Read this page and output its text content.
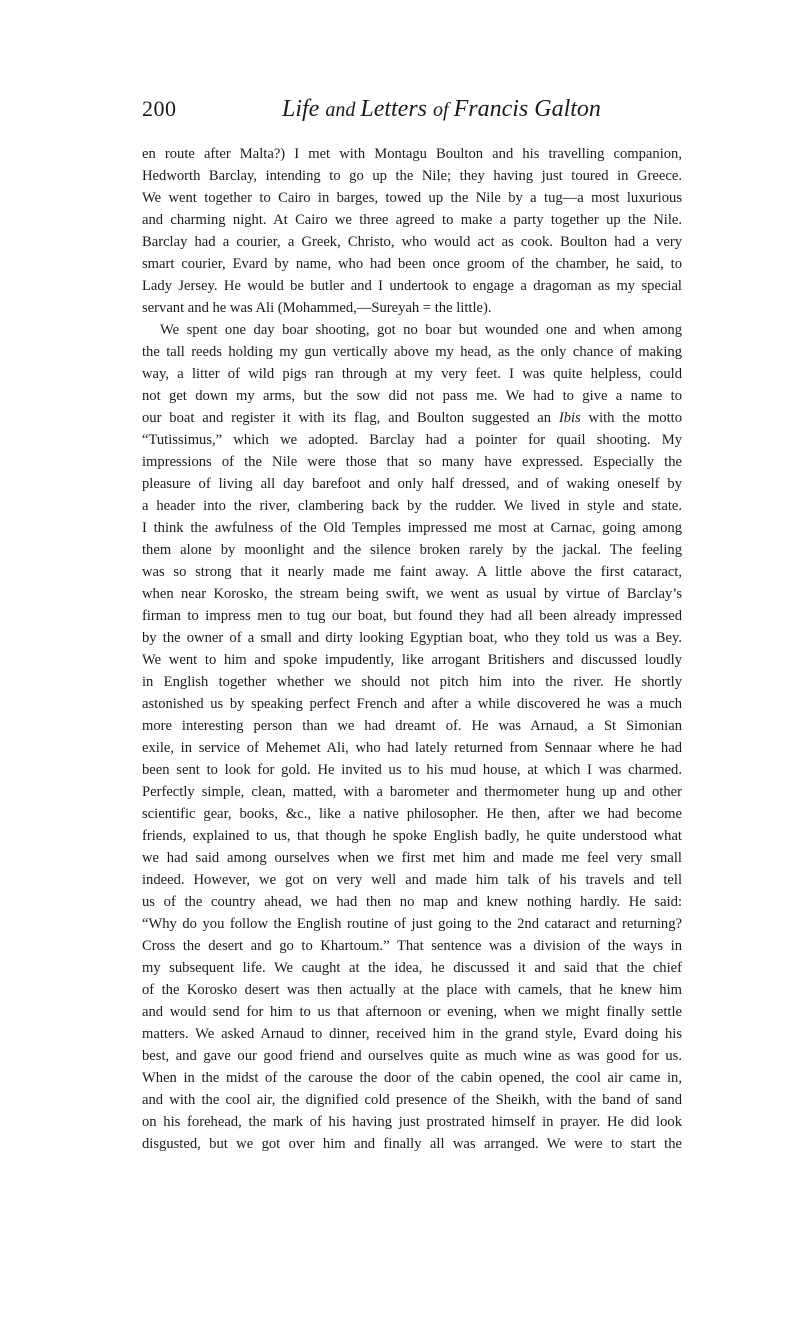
200	Life and Letters of Francis Galton
en route after Malta?) I met with Montagu Boulton and his travelling companion,
Hedworth Barclay, intending to go up the Nile; they having just toured in Greece.
We went together to Cairo in barges, towed up the Nile by a tug—a most luxurious
and charming night. At Cairo we three agreed to make a party together up the Nile.
Barclay had a courier, a Greek, Christo, who would act as cook. Boulton had a very
smart courier, Evard by name, who had been once groom of the chamber, he said, to
Lady Jersey. He would be butler and I undertook to engage a dragoman as my special
servant and he was Ali (Mohammed,—Sureyah = the little).
We spent one day boar shooting, got no boar but wounded one and when among
the tall reeds holding my gun vertically above my head, as the only chance of making
way, a litter of wild pigs ran through at my very feet. I was quite helpless, could
not get down my arms, but the sow did not pass me. We had to give a name to
our boat and register it with its flag, and Boulton suggested an Ibis with the motto
“Tutissimus,” which we adopted. Barclay had a pointer for quail shooting. My
impressions of the Nile were those that so many have expressed. Especially the
pleasure of living all day barefoot and only half dressed, and of waking oneself by
a header into the river, clambering back by the rudder. We lived in style and state.
I think the awfulness of the Old Temples impressed me most at Carnac, going among
them alone by moonlight and the silence broken rarely by the jackal. The feeling
was so strong that it nearly made me faint away. A little above the first cataract,
when near Korosko, the stream being swift, we went as usual by virtue of Barclay’s
firman to impress men to tug our boat, but found they had all been already impressed
by the owner of a small and dirty looking Egyptian boat, who they told us was a Bey.
We went to him and spoke impudently, like arrogant Britishers and discussed loudly
in English together whether we should not pitch him into the river. He shortly
astonished us by speaking perfect French and after a while discovered he was a much
more interesting person than we had dreamt of. He was Arnaud, a St Simonian
exile, in service of Mehemet Ali, who had lately returned from Sennaar where he had
been sent to look for gold. He invited us to his mud house, at which I was charmed.
Perfectly simple, clean, matted, with a barometer and thermometer hung up and other
scientific gear, books, &c., like a native philosopher. He then, after we had become
friends, explained to us, that though he spoke English badly, he quite understood what
we had said among ourselves when we first met him and made me feel very small
indeed. However, we got on very well and made him talk of his travels and tell
us of the country ahead, we had then no map and knew nothing hardly. He said:
“Why do you follow the English routine of just going to the 2nd cataract and returning?
Cross the desert and go to Khartoum.” That sentence was a division of the ways in
my subsequent life. We caught at the idea, he discussed it and said that the chief
of the Korosko desert was then actually at the place with camels, that he knew him
and would send for him to us that afternoon or evening, when we might finally settle
matters. We asked Arnaud to dinner, received him in the grand style, Evard doing his
best, and gave our good friend and ourselves quite as much wine as was good for us.
When in the midst of the carouse the door of the cabin opened, the cool air came in,
and with the cool air, the dignified cold presence of the Sheikh, with the band of sand
on his forehead, the mark of his having just prostrated himself in prayer. He did look
disgusted, but we got over him and finally all was arranged. We were to start the
